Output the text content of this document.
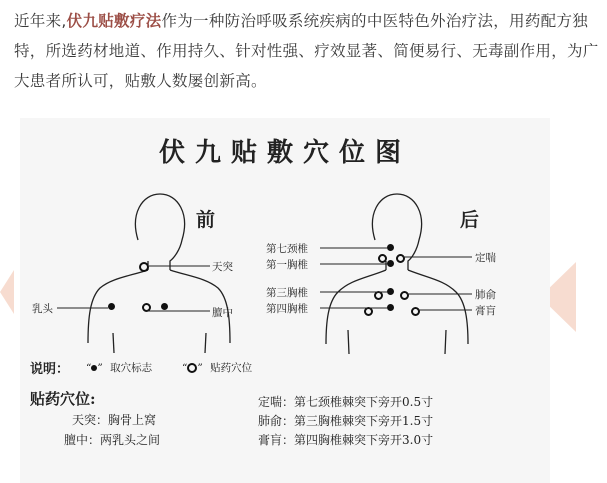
近年来,伏九贴敷疗法作为一种防治呼吸系统疾病的中医特色外治疗法，用药配方独特，所选药材地道、作用持久、针对性强、疗效显著、简便易行、无毒副作用，为广大患者所认可，贴敷人数屡创新高。
伏九贴敷穴位图
前	后
天突
乳头	膻中
第七颈椎
第一胸椎
第三胸椎
第四胸椎
定喘
肺俞
膏肓
说明： “ ” 取穴标志	“ ” 贴药穴位
贴药穴位:
天突：胸骨上窝
膻中：两乳头之间
定喘：第七颈椎棘突下旁开0.5寸
肺俞：第三胸椎棘突下旁开1.5寸
膏肓：第四胸椎棘突下旁开3.0寸
